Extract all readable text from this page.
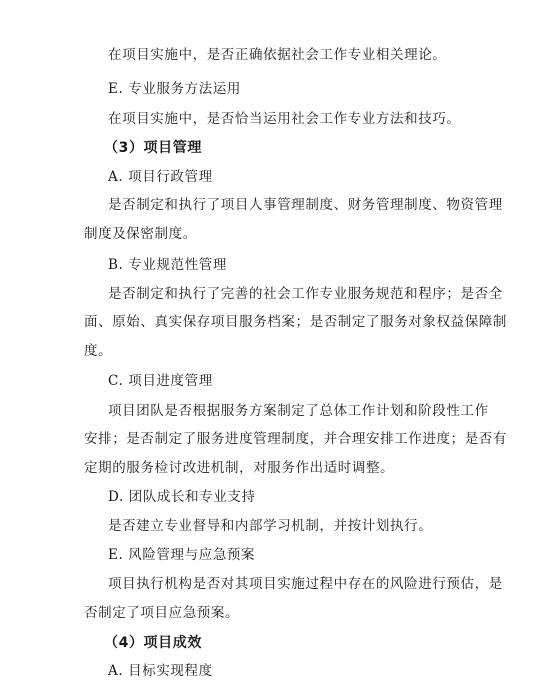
在项目实施中，是否正确依据社会工作专业相关理论。
E. 专业服务方法运用
在项目实施中，是否恰当运用社会工作专业方法和技巧。
（3）项目管理
A. 项目行政管理
是否制定和执行了项目人事管理制度、财务管理制度、物资管理
制度及保密制度。
B. 专业规范性管理
是否制定和执行了完善的社会工作专业服务规范和程序；是否全
面、原始、真实保存项目服务档案；是否制定了服务对象权益保障制
度。
C. 项目进度管理
项目团队是否根据服务方案制定了总体工作计划和阶段性工作
安排；是否制定了服务进度管理制度，并合理安排工作进度；是否有
定期的服务检讨改进机制，对服务作出适时调整。
D. 团队成长和专业支持
是否建立专业督导和内部学习机制，并按计划执行。
E. 风险管理与应急预案
项目执行机构是否对其项目实施过程中存在的风险进行预估，是
否制定了项目应急预案。
（4）项目成效
A. 目标实现程度
